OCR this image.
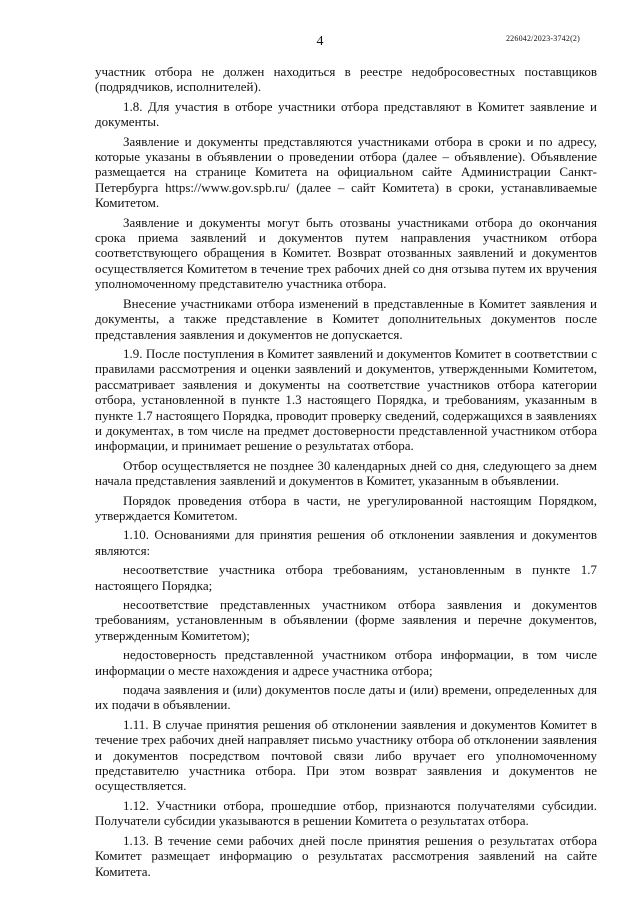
4	226042/2023-3742(2)

участник отбора не должен находиться в реестре недобросовестных поставщиков (подрядчиков, исполнителей).

1.8. Для участия в отборе участники отбора представляют в Комитет заявление и документы.

Заявление и документы представляются участниками отбора в сроки и по адресу, которые указаны в объявлении о проведении отбора (далее – объявление). Объявление размещается на странице Комитета на официальном сайте Администрации Санкт-Петербурга https://www.gov.spb.ru/ (далее – сайт Комитета) в сроки, устанавливаемые Комитетом.

Заявление и документы могут быть отозваны участниками отбора до окончания срока приема заявлений и документов путем направления участником отбора соответствующего обращения в Комитет. Возврат отозванных заявлений и документов осуществляется Комитетом в течение трех рабочих дней со дня отзыва путем их вручения уполномоченному представителю участника отбора.

Внесение участниками отбора изменений в представленные в Комитет заявления и документы, а также представление в Комитет дополнительных документов после представления заявления и документов не допускается.

1.9. После поступления в Комитет заявлений и документов Комитет в соответствии с правилами рассмотрения и оценки заявлений и документов, утвержденными Комитетом, рассматривает заявления и документы на соответствие участников отбора категории отбора, установленной в пункте 1.3 настоящего Порядка, и требованиям, указанным в пункте 1.7 настоящего Порядка, проводит проверку сведений, содержащихся в заявлениях и документах, в том числе на предмет достоверности представленной участником отбора информации, и принимает решение о результатах отбора.

Отбор осуществляется не позднее 30 календарных дней со дня, следующего за днем начала представления заявлений и документов в Комитет, указанным в объявлении.

Порядок проведения отбора в части, не урегулированной настоящим Порядком, утверждается Комитетом.

1.10. Основаниями для принятия решения об отклонении заявления и документов являются:

несоответствие участника отбора требованиям, установленным в пункте 1.7 настоящего Порядка;

несоответствие представленных участником отбора заявления и документов требованиям, установленным в объявлении (форме заявления и перечне документов, утвержденным Комитетом);

недостоверность представленной участником отбора информации, в том числе информации о месте нахождения и адресе участника отбора;

подача заявления и (или) документов после даты и (или) времени, определенных для их подачи в объявлении.

1.11. В случае принятия решения об отклонении заявления и документов Комитет в течение трех рабочих дней направляет письмо участнику отбора об отклонении заявления и документов посредством почтовой связи либо вручает его уполномоченному представителю участника отбора. При этом возврат заявления и документов не осуществляется.

1.12. Участники отбора, прошедшие отбор, признаются получателями субсидии. Получатели субсидии указываются в решении Комитета о результатах отбора.

1.13. В течение семи рабочих дней после принятия решения о результатах отбора Комитет размещает информацию о результатах рассмотрения заявлений на сайте Комитета.
